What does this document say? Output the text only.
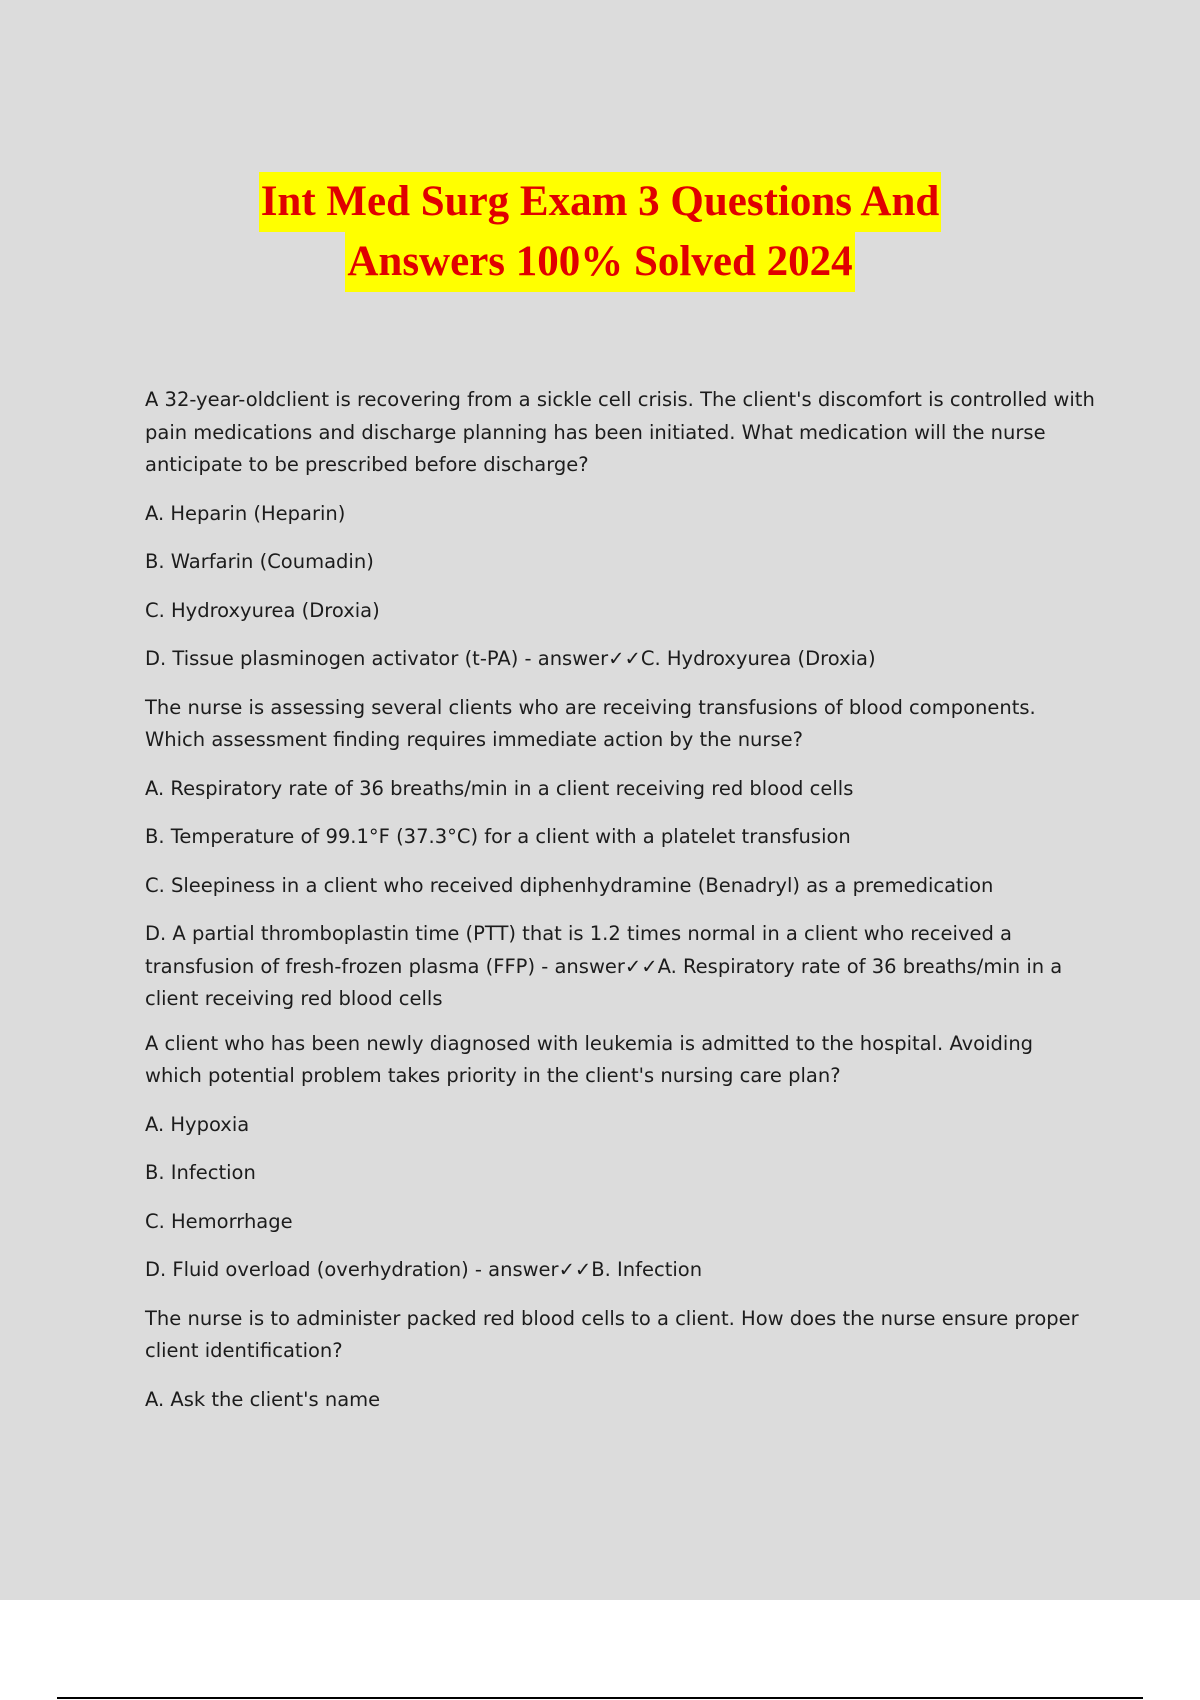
Int Med Surg Exam 3 Questions And
Answers 100% Solved 2024

A 32-year-oldclient is recovering from a sickle cell crisis. The client's discomfort is controlled with pain medications and discharge planning has been initiated. What medication will the nurse anticipate to be prescribed before discharge?

A. Heparin (Heparin)

B. Warfarin (Coumadin)

C. Hydroxyurea (Droxia)

D. Tissue plasminogen activator (t-PA) - answer✓✓C. Hydroxyurea (Droxia)

The nurse is assessing several clients who are receiving transfusions of blood components. Which assessment finding requires immediate action by the nurse?

A. Respiratory rate of 36 breaths/min in a client receiving red blood cells

B. Temperature of 99.1°F (37.3°C) for a client with a platelet transfusion

C. Sleepiness in a client who received diphenhydramine (Benadryl) as a premedication

D. A partial thromboplastin time (PTT) that is 1.2 times normal in a client who received a transfusion of fresh-frozen plasma (FFP) - answer✓✓A. Respiratory rate of 36 breaths/min in a client receiving red blood cells

A client who has been newly diagnosed with leukemia is admitted to the hospital. Avoiding which potential problem takes priority in the client's nursing care plan?

A. Hypoxia

B. Infection

C. Hemorrhage

D. Fluid overload (overhydration) - answer✓✓B. Infection

The nurse is to administer packed red blood cells to a client. How does the nurse ensure proper client identification?

A. Ask the client's name
